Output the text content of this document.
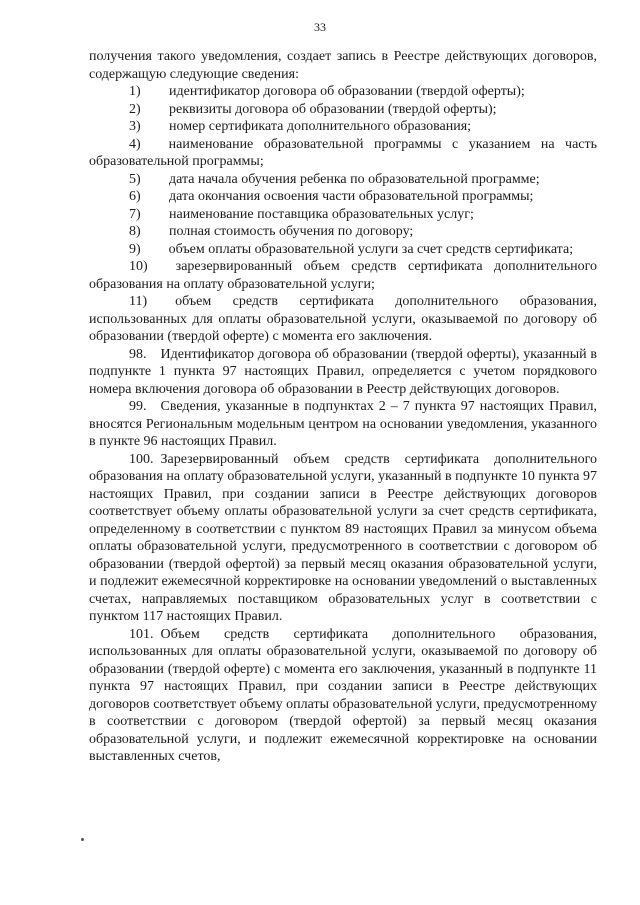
33
получения такого уведомления, создает запись в Реестре действующих договоров, содержащую следующие сведения:
1)	идентификатор договора об образовании (твердой оферты);
2)	реквизиты договора об образовании (твердой оферты);
3)	номер сертификата дополнительного образования;
4)   наименование образовательной программы с указанием на часть образовательной программы;
5)	дата начала обучения ребенка по образовательной программе;
6)	дата окончания освоения части образовательной программы;
7)	наименование поставщика образовательных услуг;
8)	полная стоимость обучения по договору;
9)   объем оплаты образовательной услуги за счет средств сертификата;
10)   зарезервированный объем средств сертификата дополнительного образования на оплату образовательной услуги;
11)   объем средств сертификата дополнительного образования, использованных для оплаты образовательной услуги, оказываемой по договору об образовании (твердой оферте) с момента его заключения.
98.  Идентификатор договора об образовании (твердой оферты), указанный в подпункте 1 пункта 97 настоящих Правил, определяется с учетом порядкового номера включения договора об образовании в Реестр действующих договоров.
99.  Сведения, указанные в подпунктах 2 – 7 пункта 97 настоящих Правил, вносятся Региональным модельным центром на основании уведомления, указанного в пункте 96 настоящих Правил.
100.  Зарезервированный объем средств сертификата дополнительного образования на оплату образовательной услуги, указанный в подпункте 10 пункта 97 настоящих Правил, при создании записи в Реестре действующих договоров соответствует объему оплаты образовательной услуги за счет средств сертификата, определенному в соответствии с пунктом 89 настоящих Правил за минусом объема оплаты образовательной услуги, предусмотренного в соответствии с договором об образовании (твердой офертой) за первый месяц оказания образовательной услуги, и подлежит ежемесячной корректировке на основании уведомлений о выставленных счетах, направляемых поставщиком образовательных услуг в соответствии с пунктом 117 настоящих Правил.
101.  Объем средств сертификата дополнительного образования, использованных для оплаты образовательной услуги, оказываемой по договору об образовании (твердой оферте) с момента его заключения, указанный в подпункте 11 пункта 97 настоящих Правил, при создании записи в Реестре действующих договоров соответствует объему оплаты образовательной услуги, предусмотренному в соответствии с договором (твердой офертой) за первый месяц оказания образовательной услуги, и подлежит ежемесячной корректировке на основании выставленных счетов,
